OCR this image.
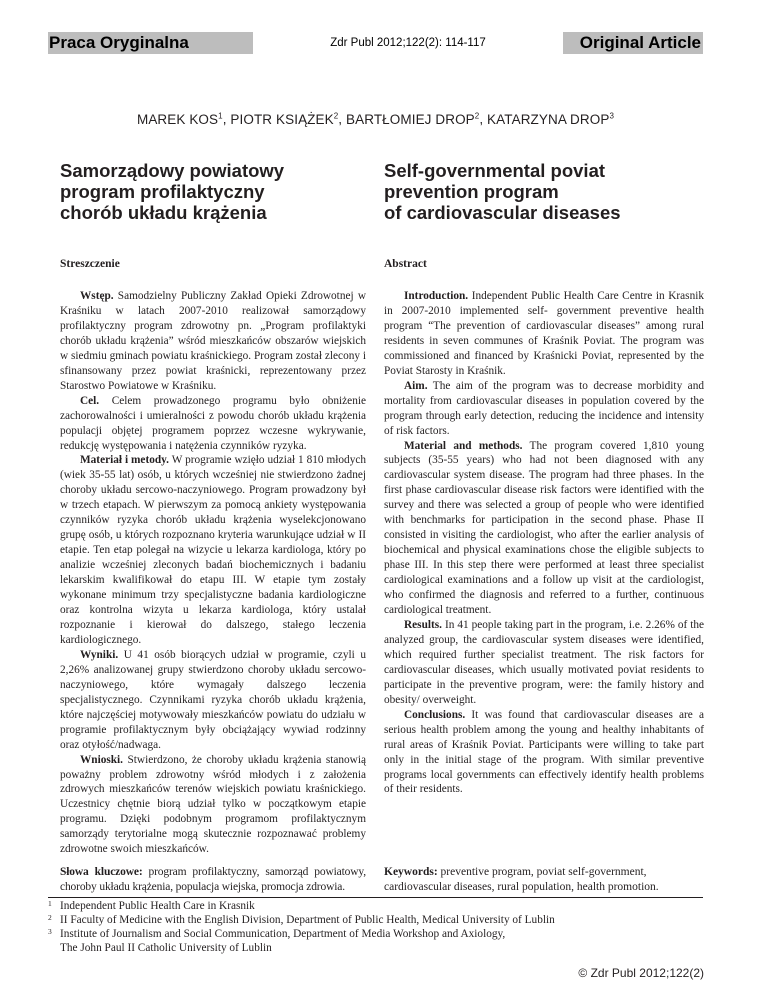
Praca Oryginalna	Zdr Publ 2012;122(2): 114-117	Original Article
MAREK KOS$^1$, PIOTR KSIĄŻEK$^2$, BARTŁOMIEJ DROP$^2$, KATARZYNA DROP$^3$
Samorządowy powiatowy
program profilaktyczny
chorób układu krążenia
Self-governmental poviat
prevention program
of cardiovascular diseases
Streszczenie	Abstract

Wstęp. Samodzielny Publiczny Zakład Opieki Zdrowotnej w Kraśniku w latach 2007-2010 realizował samorządowy profilaktyczny program zdrowotny pn. „Program profilaktyki chorób układu krążenia” wśród mieszkańców obszarów wiejskich w siedmiu gminach powiatu kraśnickiego. Program został zlecony i sfinansowany przez powiat kraśnicki, reprezentowany przez Starostwo Powiatowe w Kraśniku.

Cel. Celem prowadzonego programu było obniżenie zachorowalności i umieralności z powodu chorób układu krążenia populacji objętej programem poprzez wczesne wykrywanie, redukcję występowania i natężenia czynników ryzyka.

Materiał i metody. W programie wzięło udział 1 810 młodych (wiek 35-55 lat) osób, u których wcześniej nie stwierdzono żadnej choroby układu sercowo-naczyniowego. Program prowadzony był w trzech etapach. W pierwszym za pomocą ankiety występowania czynników ryzyka chorób układu krążenia wyselekcjonowano grupę osób, u których rozpoznano kryteria warunkujące udział w II etapie. Ten etap polegał na wizycie u lekarza kardiologa, który po analizie wcześniej zleconych badań biochemicznych i badaniu lekarskim kwalifikował do etapu III. W etapie tym zostały wykonane minimum trzy specjalistyczne badania kardiologiczne oraz kontrolna wizyta u lekarza kardiologa, który ustalał rozpoznanie i kierował do dalszego, stałego leczenia kardiologicznego.

Wyniki. U 41 osób biorących udział w programie, czyli u 2,26% analizowanej grupy stwierdzono choroby układu sercowo-naczyniowego, które wymagały dalszego leczenia specjalistycznego. Czynnikami ryzyka chorób układu krążenia, które najczęściej motywowały mieszkańców powiatu do udziału w programie profilaktycznym były obciążający wywiad rodzinny oraz otyłość/nadwaga.

Wnioski. Stwierdzono, że choroby układu krążenia stanowią poważny problem zdrowotny wśród młodych i z założenia zdrowych mieszkańców terenów wiejskich powiatu kraśnickiego. Uczestnicy chętnie biorą udział tylko w początkowym etapie programu. Dzięki podobnym programom profilaktycznym samorządy terytorialne mogą skutecznie rozpoznawać problemy zdrowotne swoich mieszkańców.

Introduction. Independent Public Health Care Centre in Krasnik in 2007-2010 implemented self- government preventive health program “The prevention of cardiovascular diseases” among rural residents in seven communes of Kraśnik Poviat. The program was commissioned and financed by Kraśnicki Poviat, represented by the Poviat Starosty in Kraśnik.

Aim. The aim of the program was to decrease morbidity and mortality from cardiovascular diseases in population covered by the program through early detection, reducing the incidence and intensity of risk factors.

Material and methods. The program covered 1,810 young subjects (35-55 years) who had not been diagnosed with any cardiovascular system disease. The program had three phases. In the first phase cardiovascular disease risk factors were identified with the survey and there was selected a group of people who were identified with benchmarks for participation in the second phase. Phase II consisted in visiting the cardiologist, who after the earlier analysis of biochemical and physical examinations chose the eligible subjects to phase III. In this step there were performed at least three specialist cardiological examinations and a follow up visit at the cardiologist, who confirmed the diagnosis and referred to a further, continuous cardiological treatment.

Results. In 41 people taking part in the program, i.e. 2.26% of the analyzed group, the cardiovascular system diseases were identified, which required further specialist treatment. The risk factors for cardiovascular diseases, which usually motivated poviat residents to participate in the preventive program, were: the family history and obesity/ overweight.

Conclusions. It was found that cardiovascular diseases are a serious health problem among the young and healthy inhabitants of rural areas of Kraśnik Poviat. Participants were willing to take part only in the initial stage of the program. With similar preventive programs local governments can effectively identify health problems of their residents.

Słowa kluczowe: program profilaktyczny, samorząd powiatowy, choroby układu krążenia, populacja wiejska, promocja zdrowia.
Keywords: preventive program, poviat self-government, cardiovascular diseases, rural population, health promotion.
1 Independent Public Health Care in Krasnik
2 II Faculty of Medicine with the English Division, Department of Public Health, Medical University of Lublin
3 Institute of Journalism and Social Communication, Department of Media Workshop and Axiology,
The John Paul II Catholic University of Lublin
© Zdr Publ 2012;122(2)
